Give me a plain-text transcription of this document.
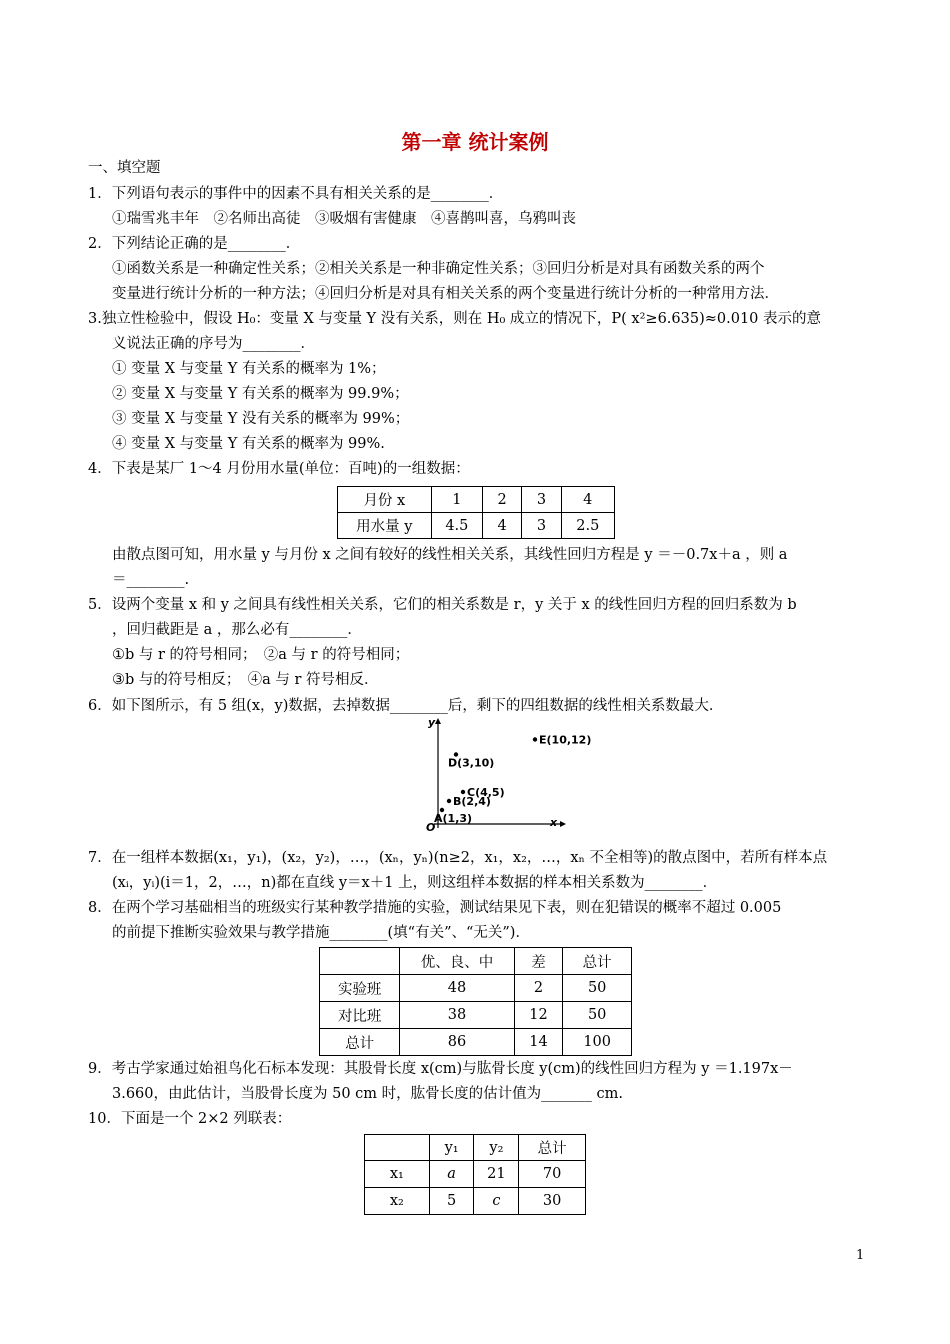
第一章 统计案例
一、填空题
1．下列语句表示的事件中的因素不具有相关关系的是________．
①瑞雪兆丰年　②名师出高徒　③吸烟有害健康　④喜鹊叫喜，乌鸦叫丧
2．下列结论正确的是________．
①函数关系是一种确定性关系；②相关关系是一种非确定性关系；③回归分析是对具有函数关系的两个
变量进行统计分析的一种方法；④回归分析是对具有相关关系的两个变量进行统计分析的一种常用方法．
3.独立性检验中，假设 H₀：变量 X 与变量 Y 没有关系，则在 H₀ 成立的情况下，P( x²≥6.635)≈0.010 表示的意
义说法正确的序号为________．
① 变量 X 与变量 Y 有关系的概率为 1%；
② 变量 X 与变量 Y 有关系的概率为 99.9%；
③ 变量 X 与变量 Y 没有关系的概率为 99%；
④ 变量 X 与变量 Y 有关系的概率为 99%.
4．下表是某厂 1～4 月份用水量(单位：百吨)的一组数据：
月份 x	1	2	3	4
用水量 y	4.5	4	3	2.5
由散点图可知，用水量 y 与月份 x 之间有较好的线性相关关系，其线性回归方程是 y ＝－0.7x＋a ，则 a
＝________.
5．设两个变量 x 和 y 之间具有线性相关关系，它们的相关系数是 r，y 关于 x 的线性回归方程的回归系数为 b
，回归截距是 a ，那么必有________．
①b 与 r 的符号相同；　②a 与 r 的符号相同；
③b 与的符号相反；　④a 与 r 符号相反．
6．如下图所示，有 5 组(x，y)数据，去掉数据________后，剩下的四组数据的线性相关系数最大．
x
y
O
A(1,3)
B(2,4)
C(4,5)
D(3,10)
E(10,12)
7．在一组样本数据(x₁，y₁)，(x₂，y₂)，…，(xₙ，yₙ)(n≥2，x₁，x₂，…，xₙ 不全相等)的散点图中，若所有样本点
(xᵢ，yᵢ)(i＝1，2，…，n)都在直线 y＝x＋1 上，则这组样本数据的样本相关系数为________．
8．在两个学习基础相当的班级实行某种教学措施的实验，测试结果见下表，则在犯错误的概率不超过 0.005
的前提下推断实验效果与教学措施________(填“有关”、“无关”)．
	优、良、中	差	总计
实验班	48	2	50
对比班	38	12	50
总计	86	14	100
9．考古学家通过始祖鸟化石标本发现：其股骨长度 x(cm)与肱骨长度 y(cm)的线性回归方程为 y ＝1.197x－
3.660，由此估计，当股骨长度为 50 cm 时，肱骨长度的估计值为_______ cm.
10．下面是一个 2×2 列联表：
	y₁	y₂	总计
x₁	a	21	70
x₂	5	c	30
1
